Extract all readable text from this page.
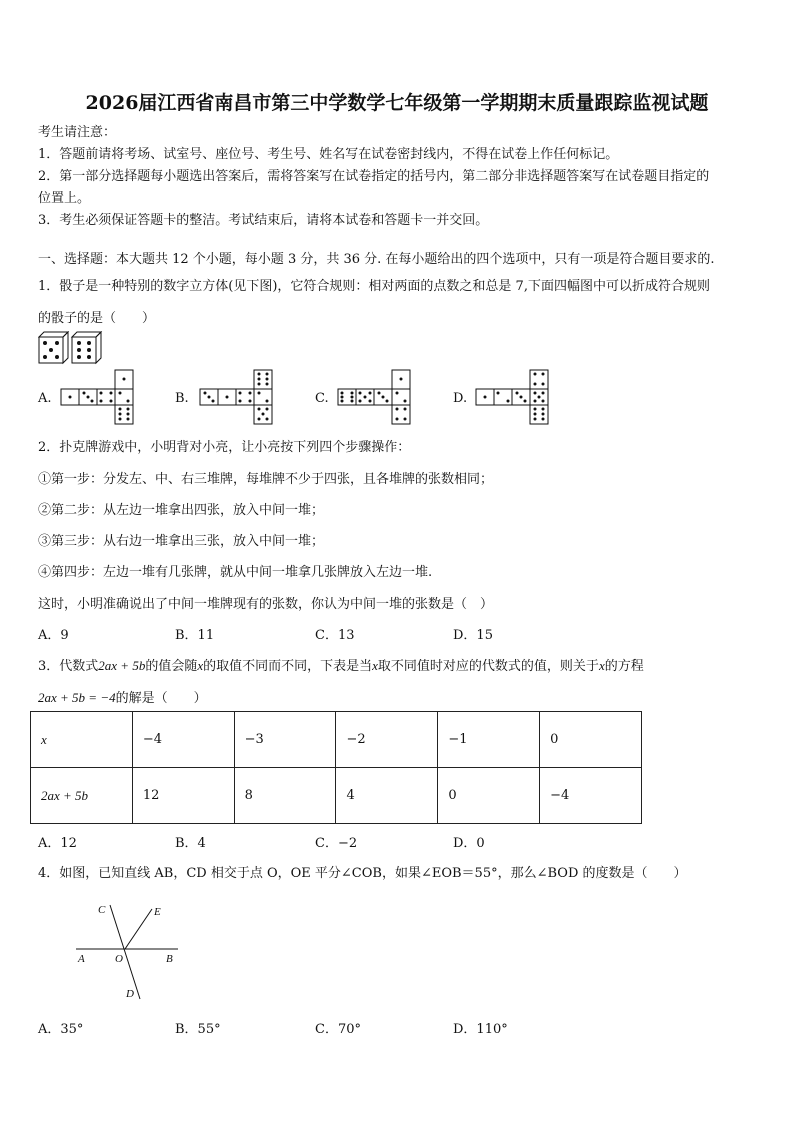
2026届江西省南昌市第三中学数学七年级第一学期期末质量跟踪监视试题
考生请注意：
1．答题前请将考场、试室号、座位号、考生号、姓名写在试卷密封线内，不得在试卷上作任何标记。
2．第一部分选择题每小题选出答案后，需将答案写在试卷指定的括号内，第二部分非选择题答案写在试卷题目指定的
位置上。
3．考生必须保证答题卡的整洁。考试结束后，请将本试卷和答题卡一并交回。
一、选择题：本大题共 12 个小题，每小题 3 分，共 36 分. 在每小题给出的四个选项中，只有一项是符合题目要求的.
1．骰子是一种特别的数字立方体(见下图)，它符合规则：相对两面的点数之和总是 7,下面四幅图中可以折成符合规则
的骰子的是（　　）
A.	B.	C.	D.
2．扑克牌游戏中，小明背对小亮，让小亮按下列四个步骤操作：
①第一步：分发左、中、右三堆牌，每堆牌不少于四张，且各堆牌的张数相同；
②第二步：从左边一堆拿出四张，放入中间一堆；
③第三步：从右边一堆拿出三张，放入中间一堆；
④第四步：左边一堆有几张牌，就从中间一堆拿几张牌放入左边一堆.
这时，小明准确说出了中间一堆牌现有的张数，你认为中间一堆的张数是（　）
A．9	B．11	C．13	D．15
3．代数式2ax + 5b的值会随x的取值不同而不同，下表是当x取不同值时对应的代数式的值，则关于x的方程
2ax + 5b = −4的解是（　　）
x	−4	−3	−2	−1	0
2ax + 5b	12	8	4	0	−4
A．12	B．4	C．−2	D．0
4．如图，已知直线 AB，CD 相交于点 O，OE 平分∠COB，如果∠EOB＝55°，那么∠BOD 的度数是（　　）
C	E
A	O	B
D
A．35°	B．55°	C．70°	D．110°
